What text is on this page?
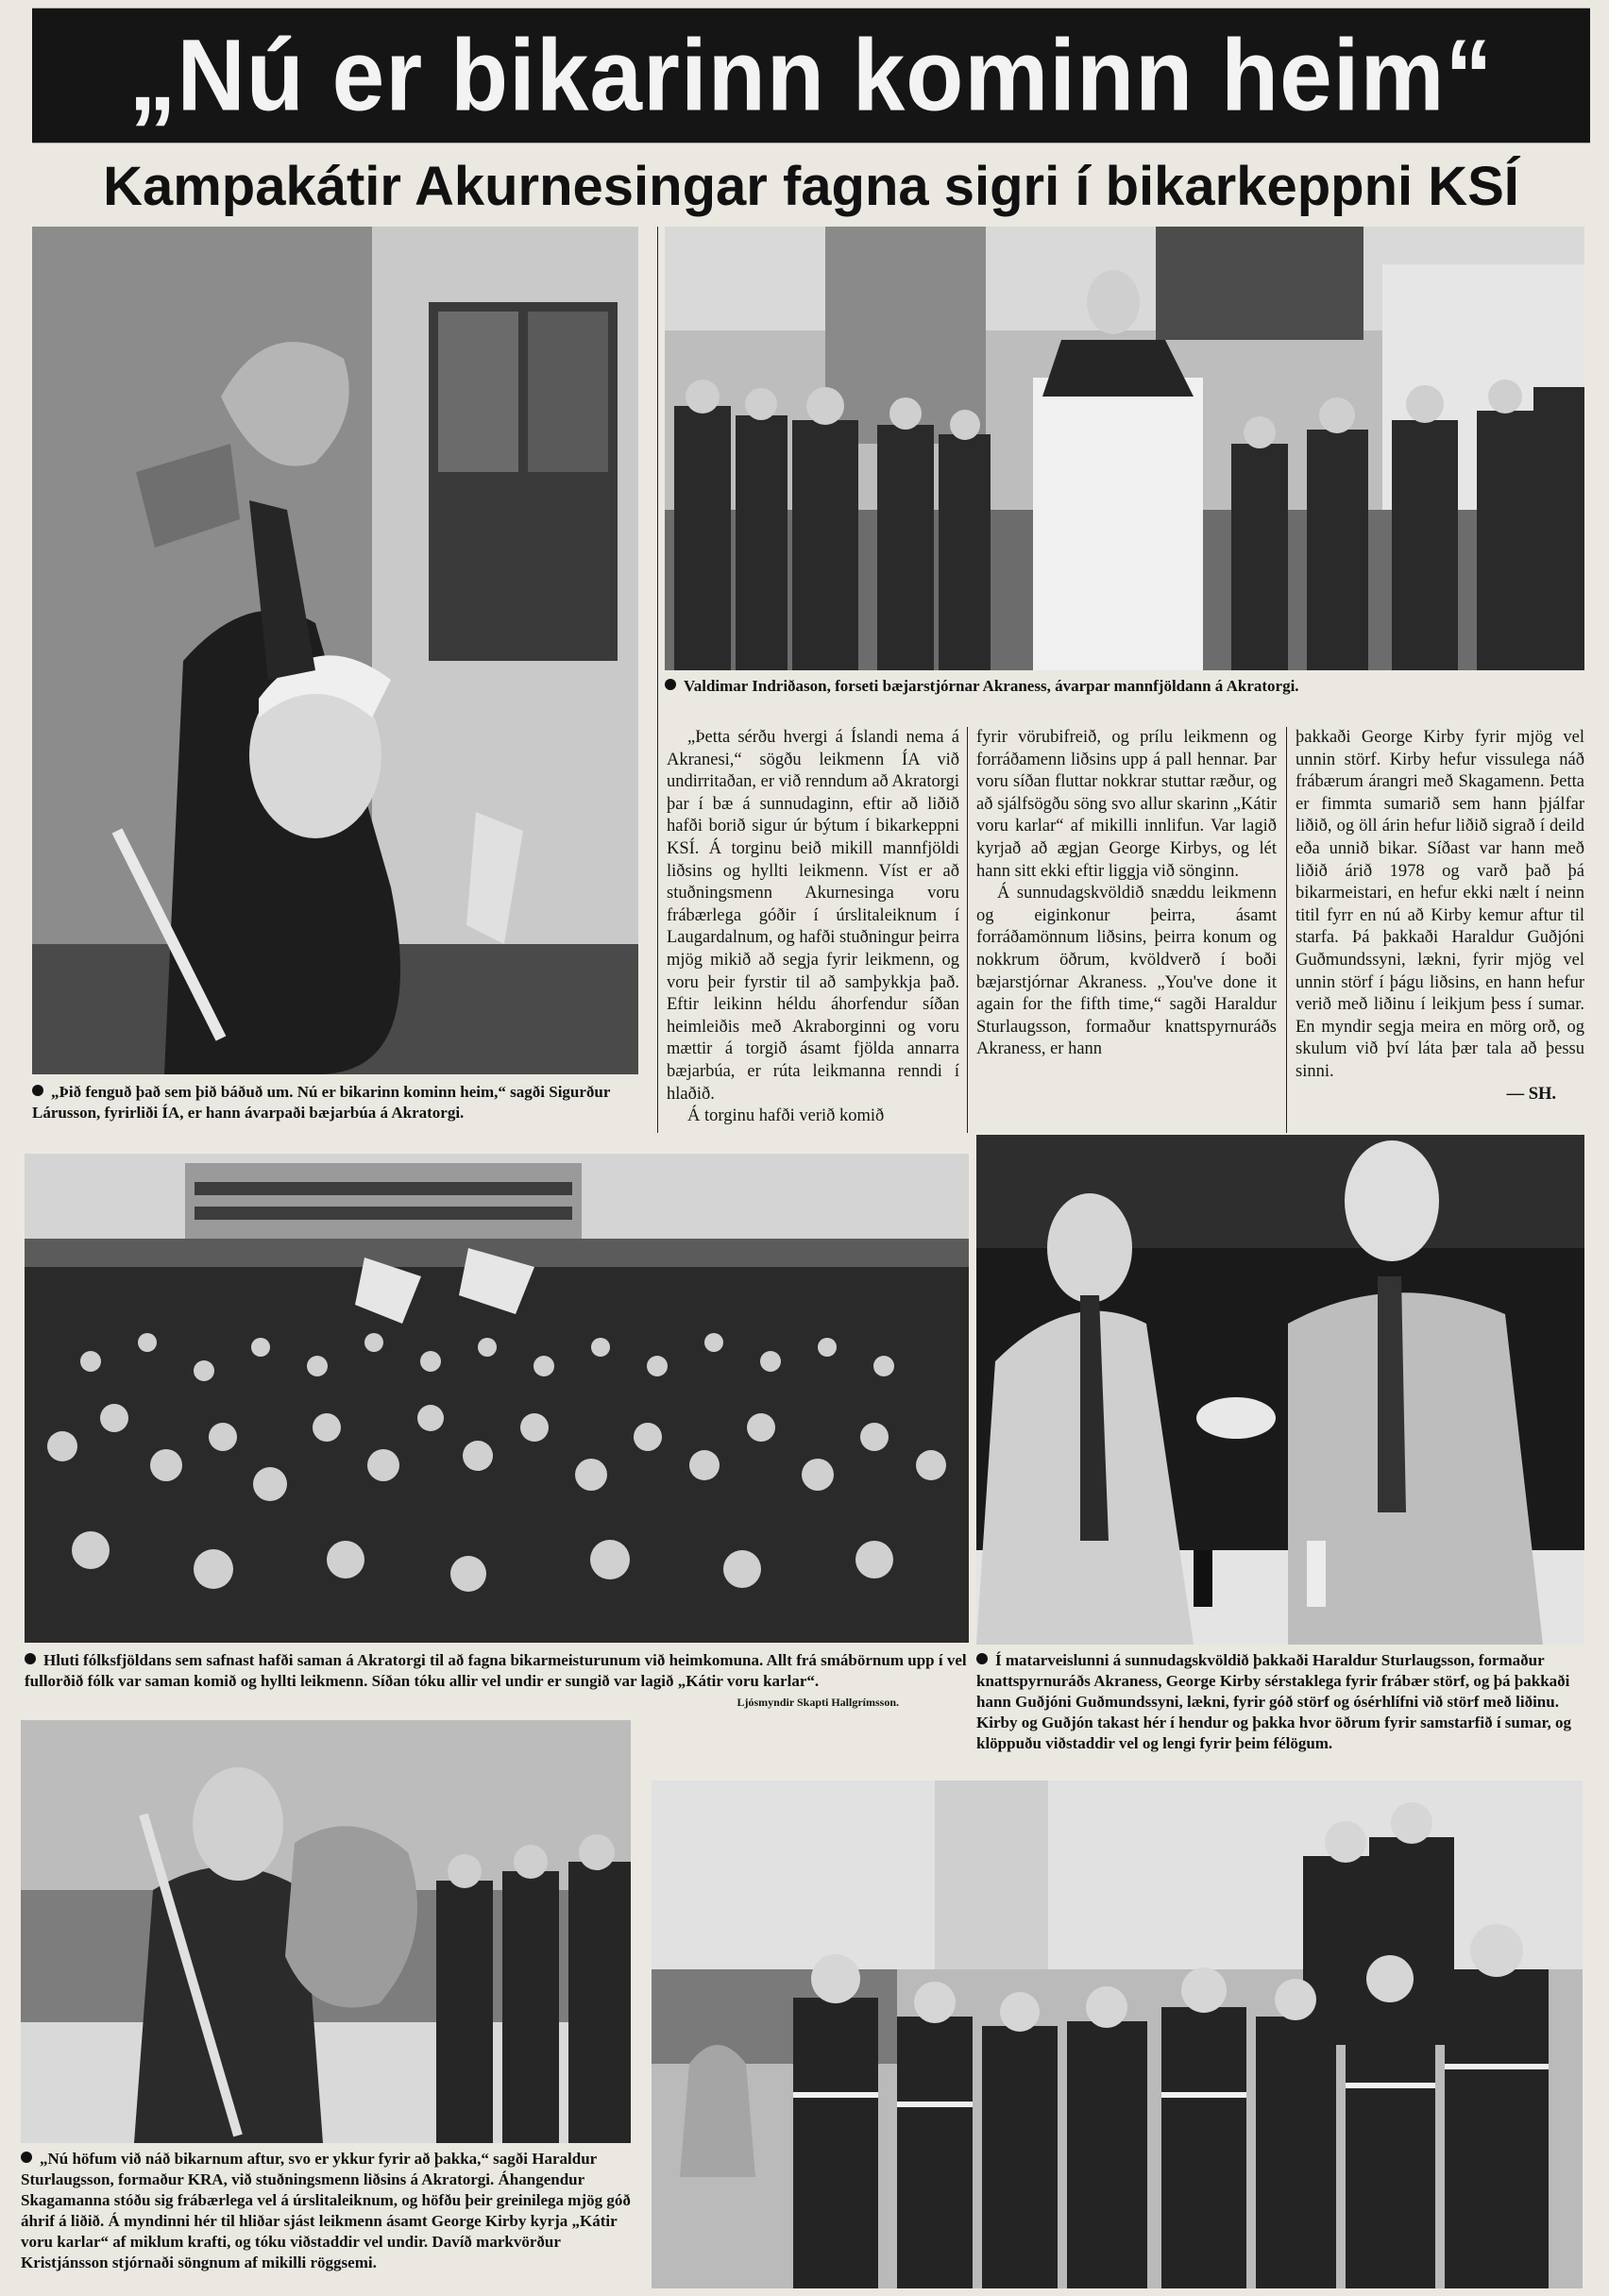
„Nú er bikarinn kominn heim“
Kampakátir Akurnesingar fagna sigri í bikarkeppni KSÍ
„Þið fenguð það sem þið báðuð um. Nú er bikarinn kominn heim,“ sagði Sigurður Lárusson, fyrirliði ÍA, er hann ávarpaði bæjarbúa á Akratorgi.
Valdimar Indriðason, forseti bæjarstjórnar Akraness, ávarpar mannfjöldann á Akratorgi.

„Þetta sérðu hvergi á Íslandi nema á Akranesi,“ sögðu leikmenn ÍA við undirritaðan, er við renndum að Akratorgi þar í bæ á sunnudaginn, eftir að liðið hafði borið sigur úr býtum í bikarkeppni KSÍ. Á torginu beið mikill mannfjöldi liðsins og hyllti leikmenn. Víst er að stuðningsmenn Akurnesinga voru frábærlega góðir í úrslitaleiknum í Laugardalnum, og hafði stuðningur þeirra mjög mikið að segja fyrir leikmenn, og voru þeir fyrstir til að samþykkja það. Eftir leikinn héldu áhorfendur síðan heimleiðis með Akraborginni og voru mættir á torgið ásamt fjölda annarra bæjarbúa, er rúta leikmanna renndi í hlaðið.

Á torginu hafði verið komið

fyrir vörubifreið, og prílu leikmenn og forráðamenn liðsins upp á pall hennar. Þar voru síðan fluttar nokkrar stuttar ræður, og að sjálfsögðu söng svo allur skarinn „Kátir voru karlar“ af mikilli innlifun. Var lagið kyrjað að ægjan George Kirbys, og lét hann sitt ekki eftir liggja við sönginn.

Á sunnudagskvöldið snæddu leikmenn og eiginkonur þeirra, ásamt forráðamönnum liðsins, þeirra konum og nokkrum öðrum, kvöldverð í boði bæjarstjórnar Akraness. „You've done it again for the fifth time,“ sagði Haraldur Sturlaugsson, formaður knattspyrnuráðs Akraness, er hann

þakkaði George Kirby fyrir mjög vel unnin störf. Kirby hefur vissulega náð frábærum árangri með Skagamenn. Þetta er fimmta sumarið sem hann þjálfar liðið, og öll árin hefur liðið sigrað í deild eða unnið bikar. Síðast var hann með liðið árið 1978 og varð það þá bikarmeistari, en hefur ekki nælt í neinn titil fyrr en nú að Kirby kemur aftur til starfa. Þá þakkaði Haraldur Guðjóni Guðmundssyni, lækni, fyrir mjög vel unnin störf í þágu liðsins, en hann hefur verið með liðinu í leikjum þess í sumar. En myndir segja meira en mörg orð, og skulum við því láta þær tala að þessu sinni.

— SH.

Hluti fólksfjöldans sem safnast hafði saman á Akratorgi til að fagna bikarmeisturunum við heimkomuna. Allt frá smábörnum upp í vel fullorðið fólk var saman komið og hyllti leikmenn. Síðan tóku allir vel undir er sungið var lagið „Kátir voru karlar“.
Ljósmyndir Skapti Hallgrímsson.
Í matarveislunni á sunnudagskvöldið þakkaði Haraldur Sturlaugsson, formaður knattspyrnuráðs Akraness, George Kirby sérstaklega fyrir frábær störf, og þá þakkaði hann Guðjóni Guðmundssyni, lækni, fyrir góð störf og ósérhlífni við störf með liðinu. Kirby og Guðjón takast hér í hendur og þakka hvor öðrum fyrir samstarfið í sumar, og klöppuðu viðstaddir vel og lengi fyrir þeim félögum.
„Nú höfum við náð bikarnum aftur, svo er ykkur fyrir að þakka,“ sagði Haraldur Sturlaugsson, formaður KRA, við stuðningsmenn liðsins á Akratorgi. Áhangendur Skagamanna stóðu sig frábærlega vel á úrslitaleiknum, og höfðu þeir greinilega mjög góð áhrif á liðið. Á myndinni hér til hliðar sjást leikmenn ásamt George Kirby kyrja „Kátir voru karlar“ af miklum krafti, og tóku viðstaddir vel undir. Davíð markvörður Kristjánsson stjórnaði söngnum af mikilli röggsemi.
